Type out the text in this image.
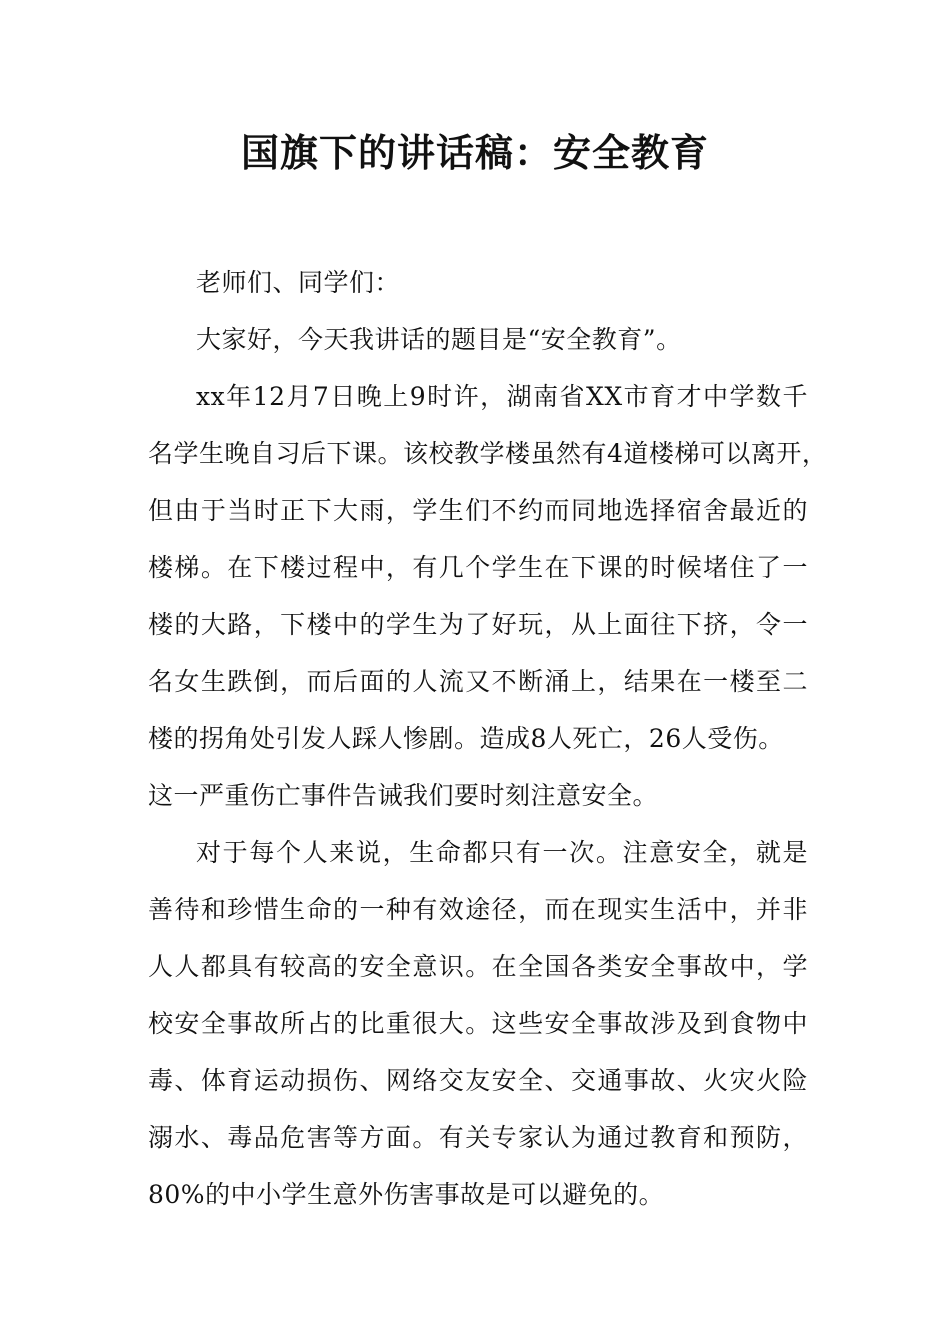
国旗下的讲话稿：安全教育
老师们、同学们：
大家好，今天我讲话的题目是“安全教育”。
xx年12月7日晚上9时许，湖南省XX市育才中学数千
名学生晚自习后下课。该校教学楼虽然有4道楼梯可以离开，
但由于当时正下大雨，学生们不约而同地选择宿舍最近的
楼梯。在下楼过程中，有几个学生在下课的时候堵住了一
楼的大路，下楼中的学生为了好玩，从上面往下挤，令一
名女生跌倒，而后面的人流又不断涌上，结果在一楼至二
楼的拐角处引发人踩人惨剧。造成8人死亡，26人受伤。
这一严重伤亡事件告诫我们要时刻注意安全。
对于每个人来说，生命都只有一次。注意安全，就是
善待和珍惜生命的一种有效途径，而在现实生活中，并非
人人都具有较高的安全意识。在全国各类安全事故中，学
校安全事故所占的比重很大。这些安全事故涉及到食物中
毒、体育运动损伤、网络交友安全、交通事故、火灾火险
溺水、毒品危害等方面。有关专家认为通过教育和预防，
80%的中小学生意外伤害事故是可以避免的。
